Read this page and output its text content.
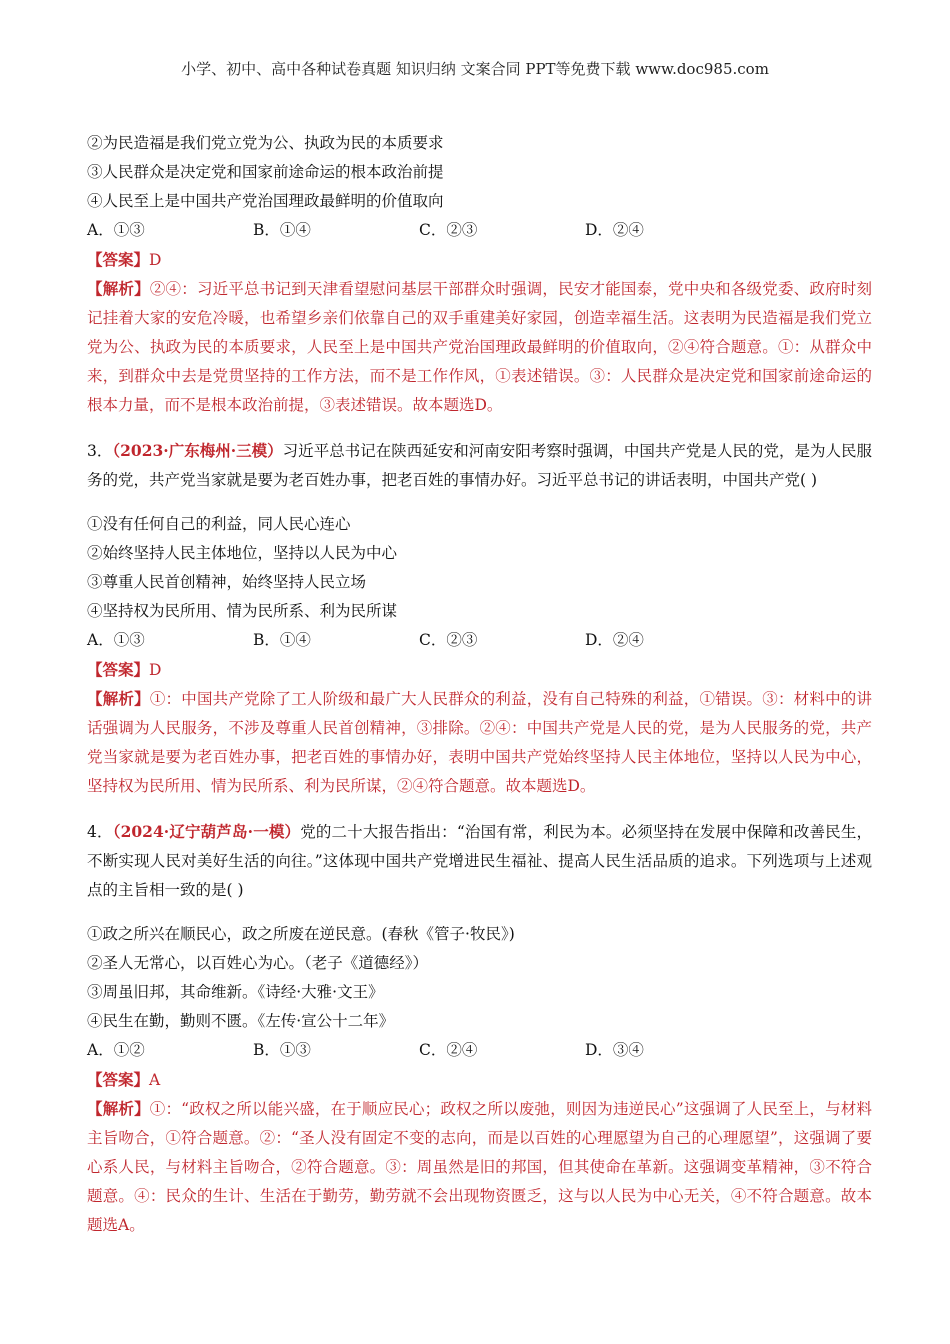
小学、初中、高中各种试卷真题 知识归纳 文案合同 PPT等免费下载 www.doc985.com
②为民造福是我们党立党为公、执政为民的本质要求
③人民群众是决定党和国家前途命运的根本政治前提
④人民至上是中国共产党治国理政最鲜明的价值取向
A．①③	B．①④	C．②③	D．②④
【答案】D

【解析】②④：习近平总书记到天津看望慰问基层干部群众时强调，民安才能国泰，党中央和各级党委、政府时刻记挂着大家的安危冷暖，也希望乡亲们依靠自己的双手重建美好家园，创造幸福生活。这表明为民造福是我们党立党为公、执政为民的本质要求，人民至上是中国共产党治国理政最鲜明的价值取向，②④符合题意。①：从群众中来，到群众中去是党贯坚持的工作方法，而不是工作作风，①表述错误。③：人民群众是决定党和国家前途命运的根本力量，而不是根本政治前提，③表述错误。故本题选D。

3．（2023·广东梅州·三模）习近平总书记在陕西延安和河南安阳考察时强调，中国共产党是人民的党，是为人民服务的党，共产党当家就是要为老百姓办事，把老百姓的事情办好。习近平总书记的讲话表明，中国共产党( )

①没有任何自己的利益，同人民心连心
②始终坚持人民主体地位，坚持以人民为中心
③尊重人民首创精神，始终坚持人民立场
④坚持权为民所用、情为民所系、利为民所谋
A．①③	B．①④	C．②③	D．②④
【答案】D

【解析】①：中国共产党除了工人阶级和最广大人民群众的利益，没有自己特殊的利益，①错误。③：材料中的讲话强调为人民服务，不涉及尊重人民首创精神，③排除。②④：中国共产党是人民的党，是为人民服务的党，共产党当家就是要为老百姓办事，把老百姓的事情办好，表明中国共产党始终坚持人民主体地位，坚持以人民为中心，坚持权为民所用、情为民所系、利为民所谋，②④符合题意。故本题选D。

4．（2024·辽宁葫芦岛·一模）党的二十大报告指出：“治国有常，利民为本。必须坚持在发展中保障和改善民生，不断实现人民对美好生活的向往。”这体现中国共产党增进民生福祉、提高人民生活品质的追求。下列选项与上述观点的主旨相一致的是( )

①政之所兴在顺民心，政之所废在逆民意。(春秋《管子·牧民》)
②圣人无常心，以百姓心为心。（老子《道德经》）
③周虽旧邦，其命维新。《诗经·大雅·文王》
④民生在勤，勤则不匮。《左传·宣公十二年》
A．①②	B．①③	C．②④	D．③④
【答案】A

【解析】①：“政权之所以能兴盛，在于顺应民心；政权之所以废弛，则因为违逆民心”这强调了人民至上，与材料主旨吻合，①符合题意。②：“圣人没有固定不变的志向，而是以百姓的心理愿望为自己的心理愿望”，这强调了要心系人民，与材料主旨吻合，②符合题意。③：周虽然是旧的邦国，但其使命在革新。这强调变革精神，③不符合题意。④：民众的生计、生活在于勤劳，勤劳就不会出现物资匮乏，这与以人民为中心无关，④不符合题意。故本题选A。
